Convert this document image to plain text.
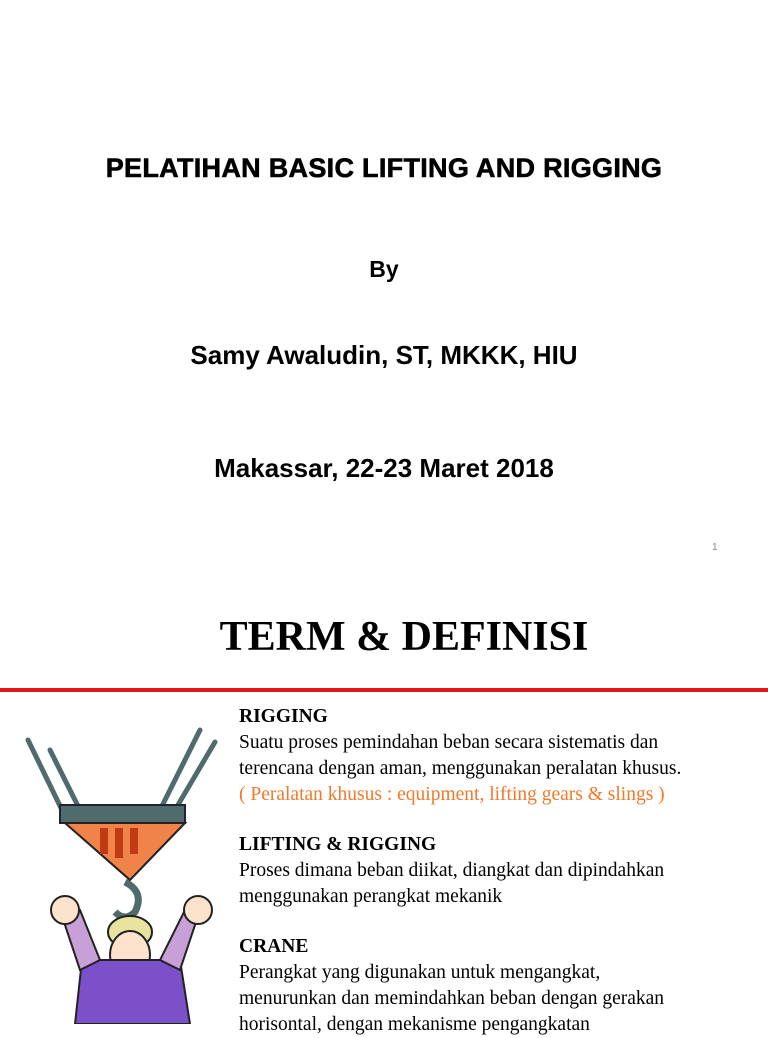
PELATIHAN BASIC LIFTING AND RIGGING
By
Samy Awaludin, ST, MKKK, HIU
Makassar, 22-23 Maret 2018
1
TERM & DEFINISI
RIGGING
Suatu proses pemindahan beban secara sistematis dan
terencana dengan aman, menggunakan peralatan khusus.
( Peralatan khusus : equipment, lifting gears & slings )
LIFTING & RIGGING
Proses dimana beban diikat, diangkat dan dipindahkan
menggunakan perangkat mekanik
CRANE
Perangkat yang digunakan untuk mengangkat,
menurunkan dan memindahkan beban dengan gerakan
horisontal, dengan mekanisme pengangkatan
